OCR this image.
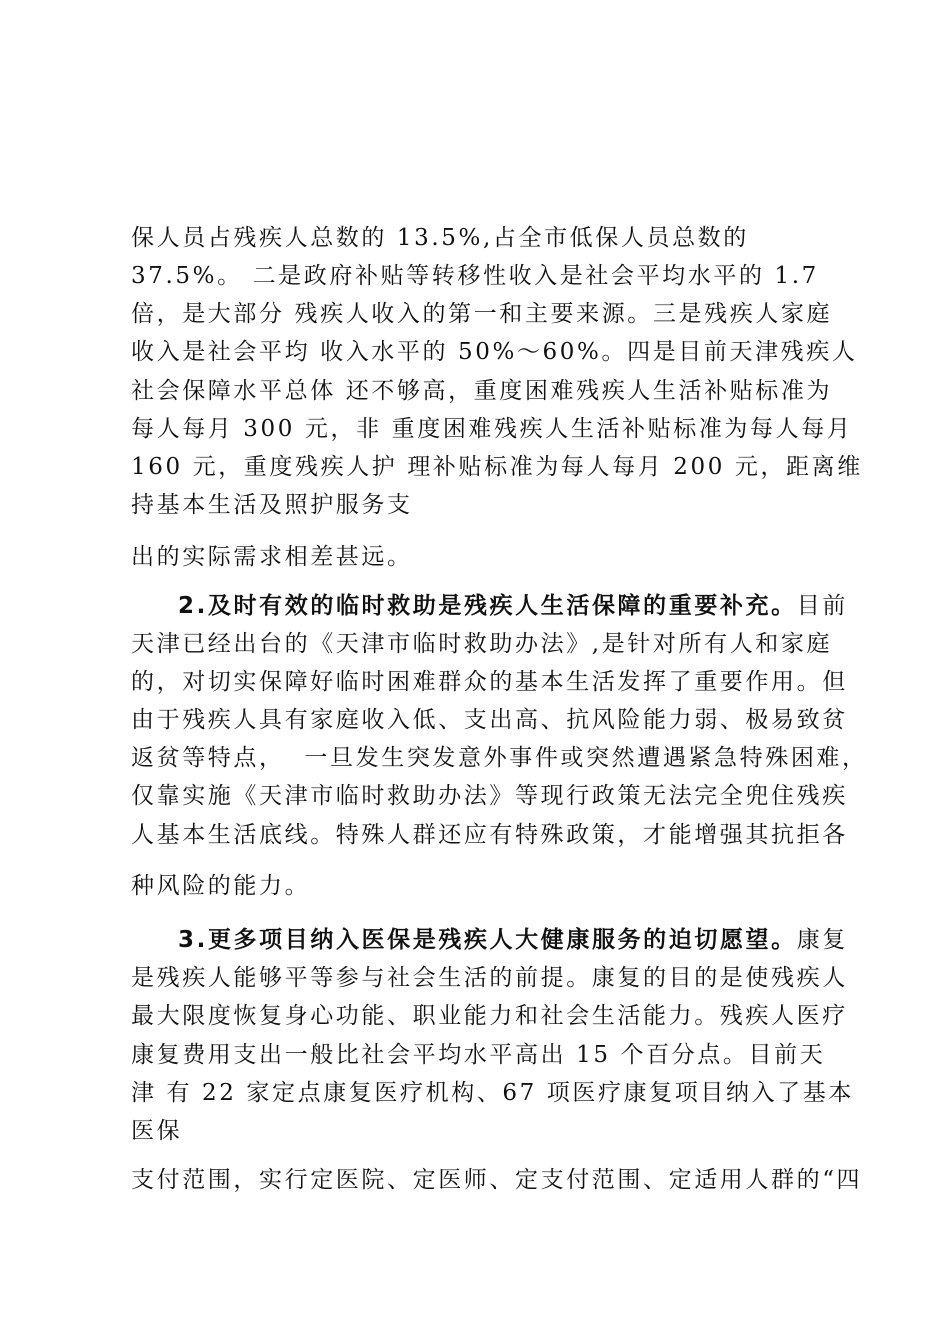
保人员占残疾人总数的 13.5%,占全市低保人员总数的
37.5%。 二是政府补贴等转移性收入是社会平均水平的 1.7
倍，是大部分 残疾人收入的第一和主要来源。三是残疾人家庭
收入是社会平均 收入水平的 50%～60%。四是目前天津残疾人
社会保障水平总体 还不够高，重度困难残疾人生活补贴标准为
每人每月 300 元，非 重度困难残疾人生活补贴标准为每人每月
160 元，重度残疾人护 理补贴标准为每人每月 200 元，距离维
持基本生活及照护服务支
出的实际需求相差甚远。
2.及时有效的临时救助是残疾人生活保障的重要补充。目前
天津已经出台的《天津市临时救助办法》,是针对所有人和家庭
的，对切实保障好临时困难群众的基本生活发挥了重要作用。但
由于残疾人具有家庭收入低、支出高、抗风险能力弱、极易致贫
返贫等特点，  一旦发生突发意外事件或突然遭遇紧急特殊困难，
仅靠实施《天津市临时救助办法》等现行政策无法完全兜住残疾
人基本生活底线。特殊人群还应有特殊政策，才能增强其抗拒各
种风险的能力。
3.更多项目纳入医保是残疾人大健康服务的迫切愿望。康复
是残疾人能够平等参与社会生活的前提。康复的目的是使残疾人
最大限度恢复身心功能、职业能力和社会生活能力。残疾人医疗
康复费用支出一般比社会平均水平高出 15 个百分点。目前天
津 有 22 家定点康复医疗机构、67 项医疗康复项目纳入了基本
医保
支付范围，实行定医院、定医师、定支付范围、定适用人群的“四
